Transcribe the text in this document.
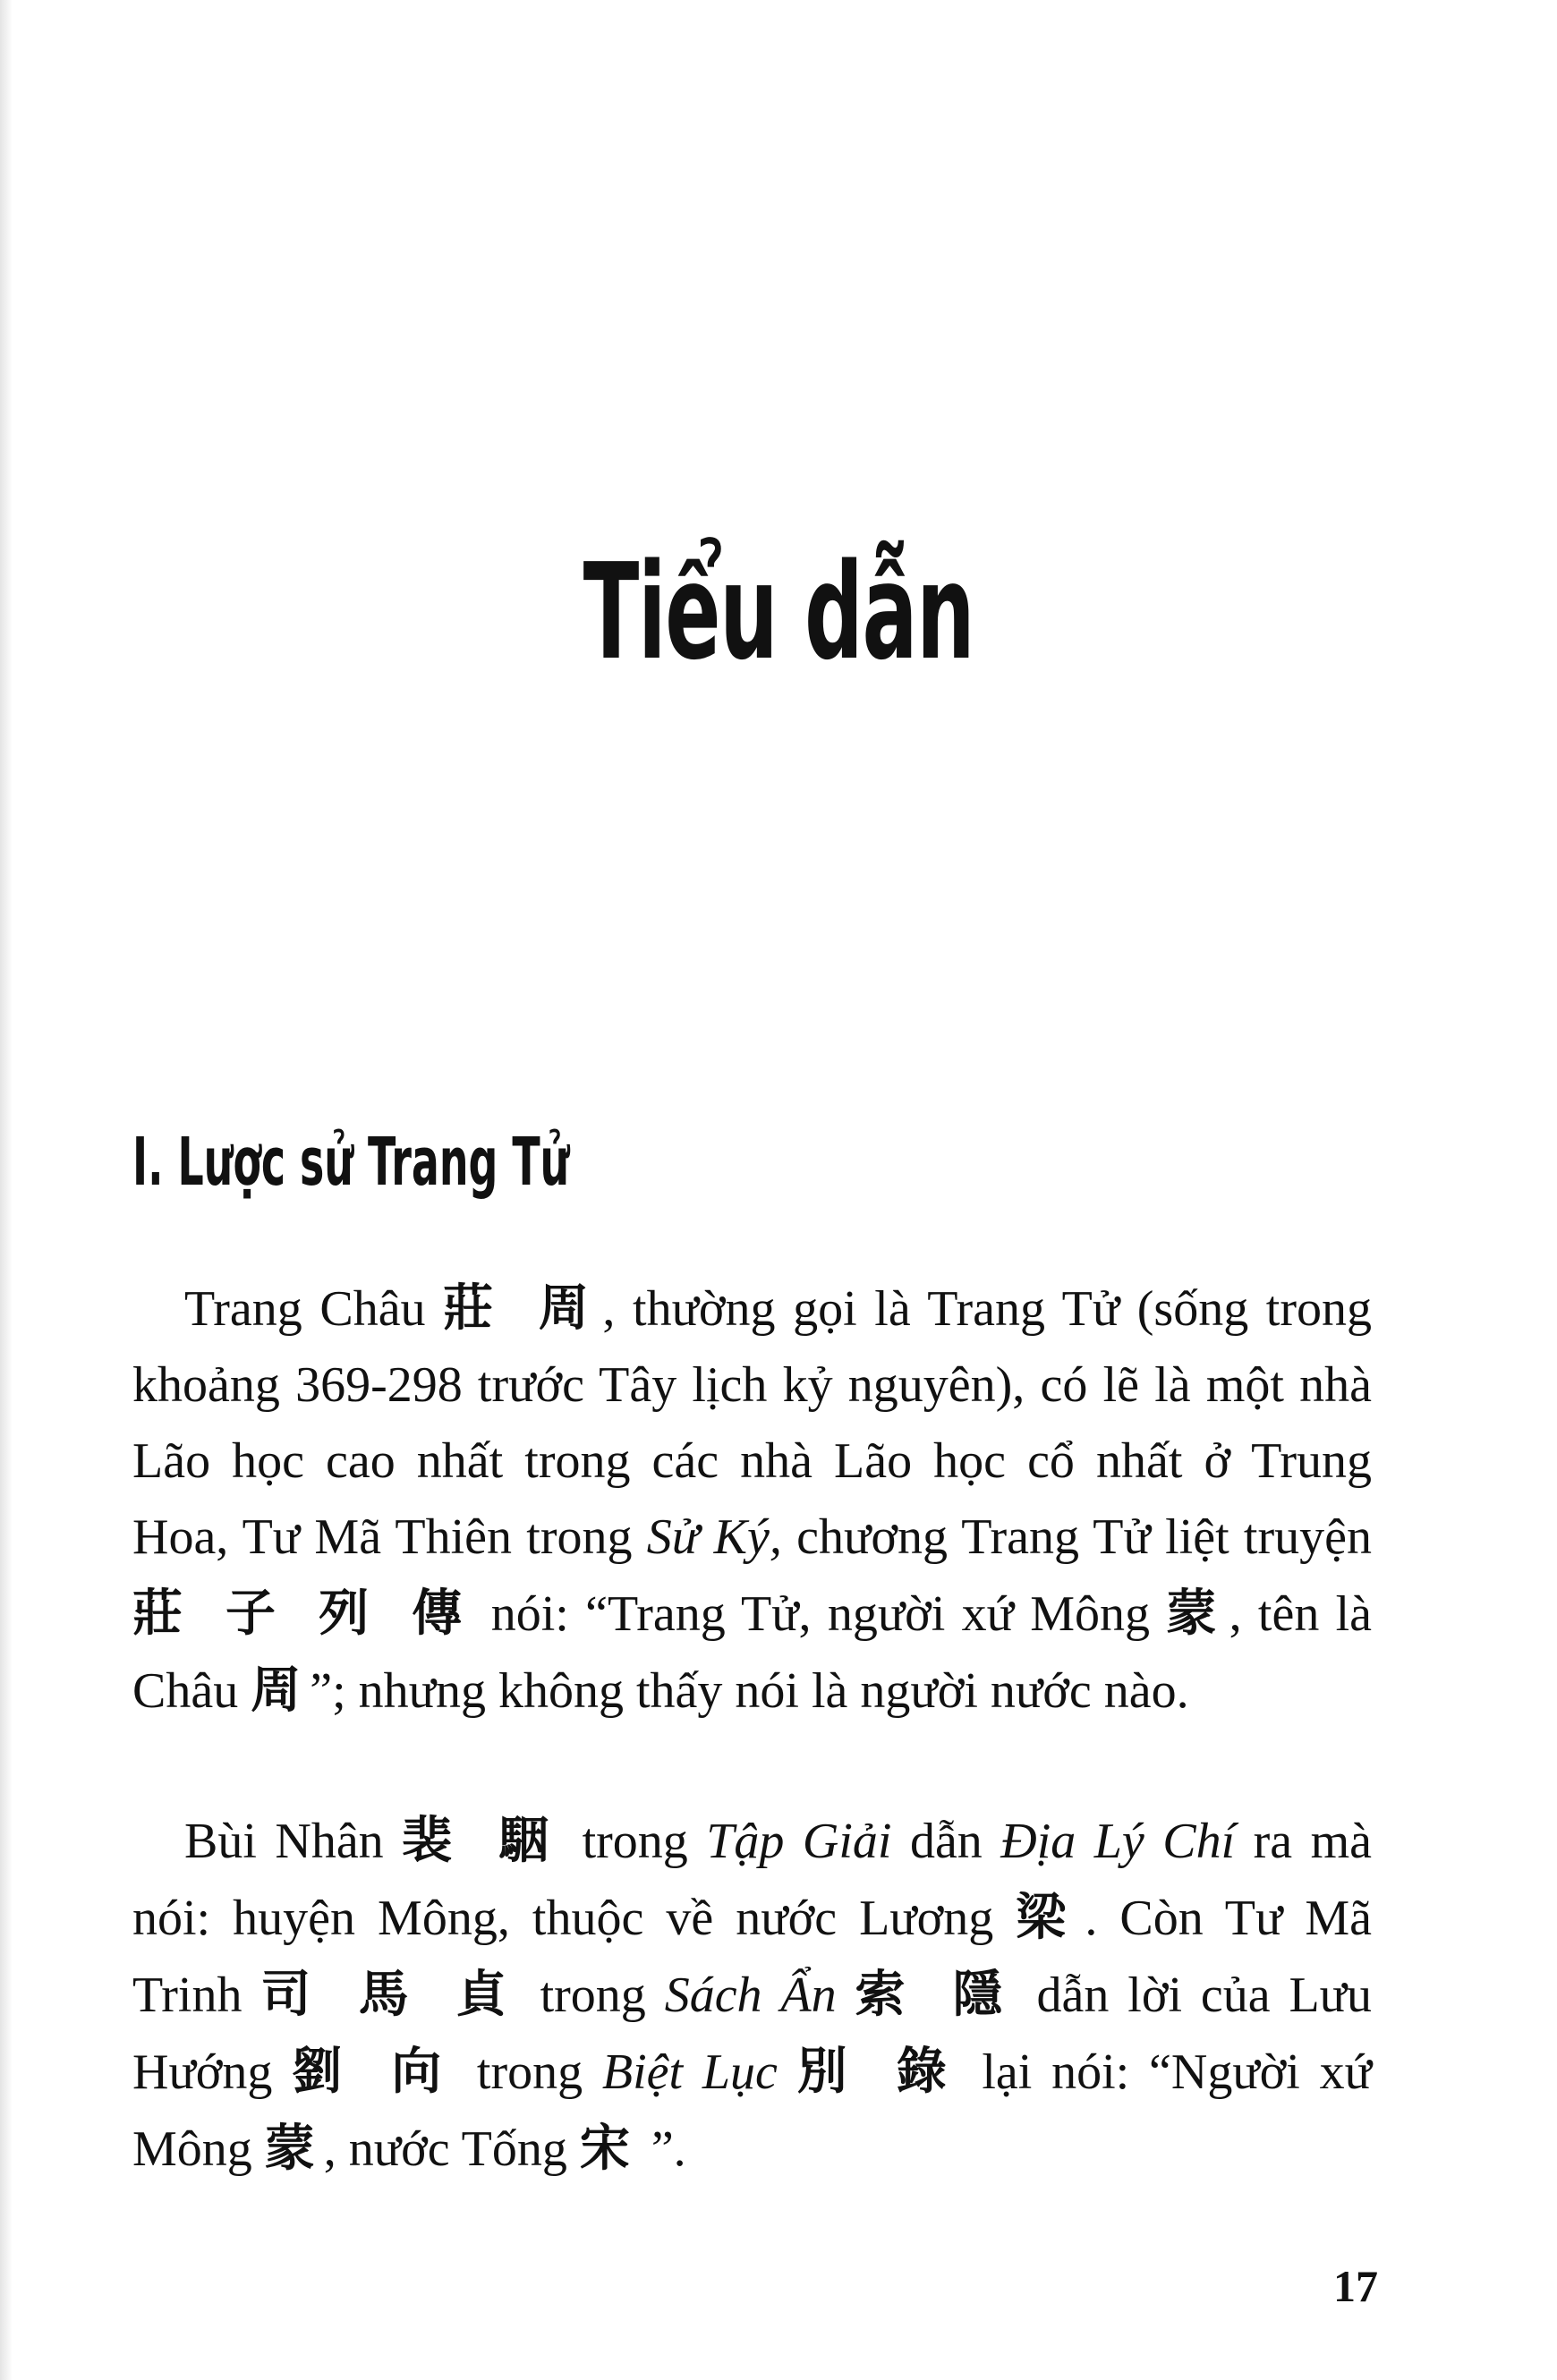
Tiểu dẫn
I. Lược sử Trang Tử

Trang Châu 莊 周, thường gọi là Trang Tử (sống trong khoảng 369-298 trước Tây lịch kỷ nguyên), có lẽ là một nhà Lão học cao nhất trong các nhà Lão học cổ nhất ở Trung Hoa, Tư Mã Thiên trong Sử Ký, chương Trang Tử liệt truyện 莊 子 列 傳 nói: “Trang Tử, người xứ Mông 蒙, tên là Châu 周”; nhưng không thấy nói là người nước nào.

Bùi Nhân 裴 駰 trong Tập Giải dẫn Địa Lý Chí ra mà nói: huyện Mông, thuộc về nước Lương 梁. Còn Tư Mã Trinh 司 馬 貞 trong Sách Ẩn 索 隱 dẫn lời của Lưu Hướng 劉 向 trong Biệt Lục 別 錄 lại nói: “Người xứ Mông 蒙, nước Tống 宋 ”.

17
